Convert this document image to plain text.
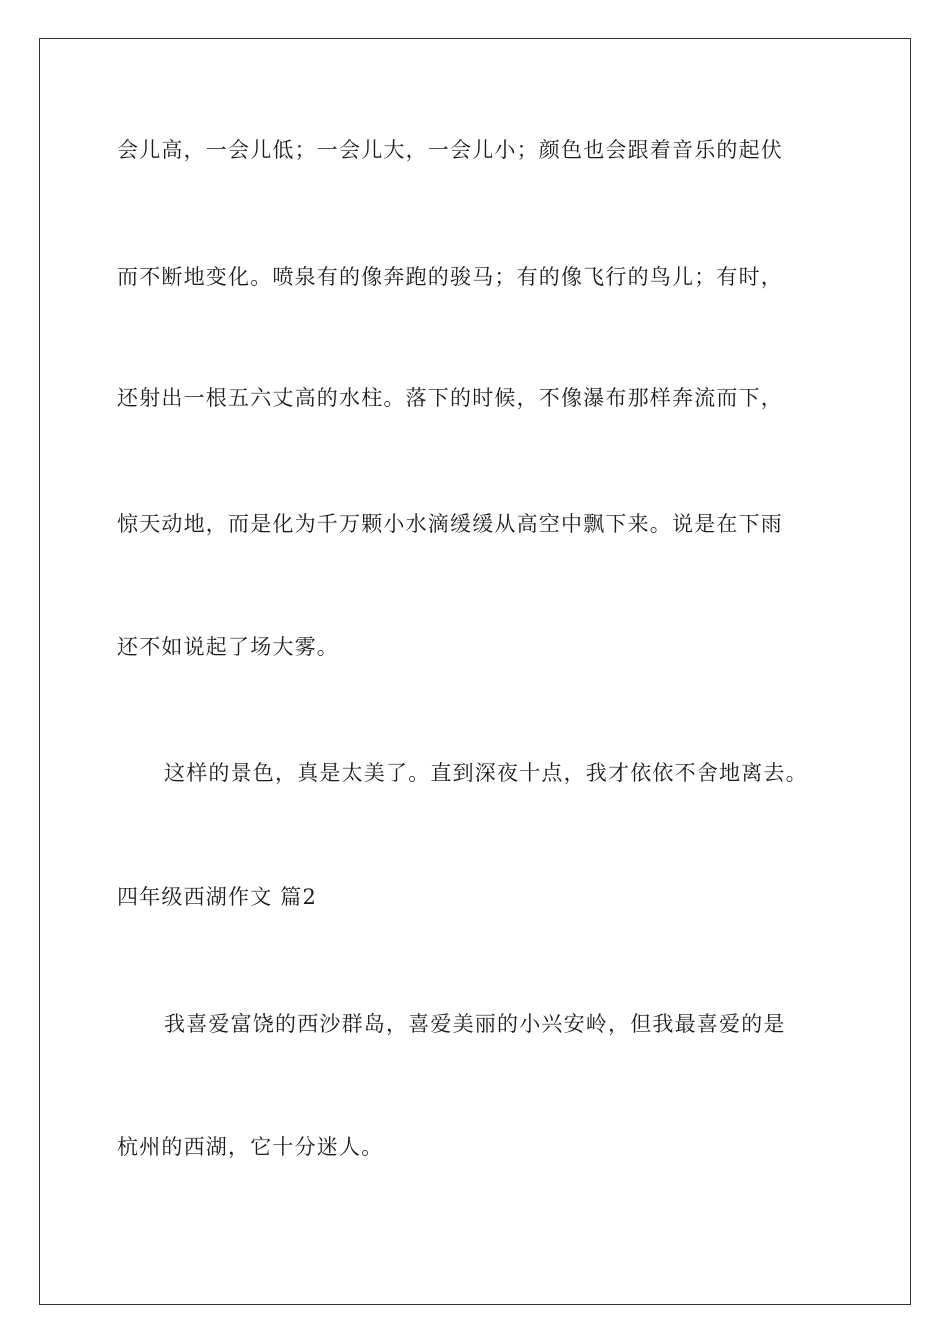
会儿高，一会儿低；一会儿大，一会儿小；颜色也会跟着音乐的起伏
而不断地变化。喷泉有的像奔跑的骏马；有的像飞行的鸟儿；有时，
还射出一根五六丈高的水柱。落下的时候，不像瀑布那样奔流而下，
惊天动地，而是化为千万颗小水滴缓缓从高空中飘下来。说是在下雨
还不如说起了场大雾。
这样的景色，真是太美了。直到深夜十点，我才依依不舍地离去。
四年级西湖作文 篇2
我喜爱富饶的西沙群岛，喜爱美丽的小兴安岭，但我最喜爱的是
杭州的西湖，它十分迷人。
